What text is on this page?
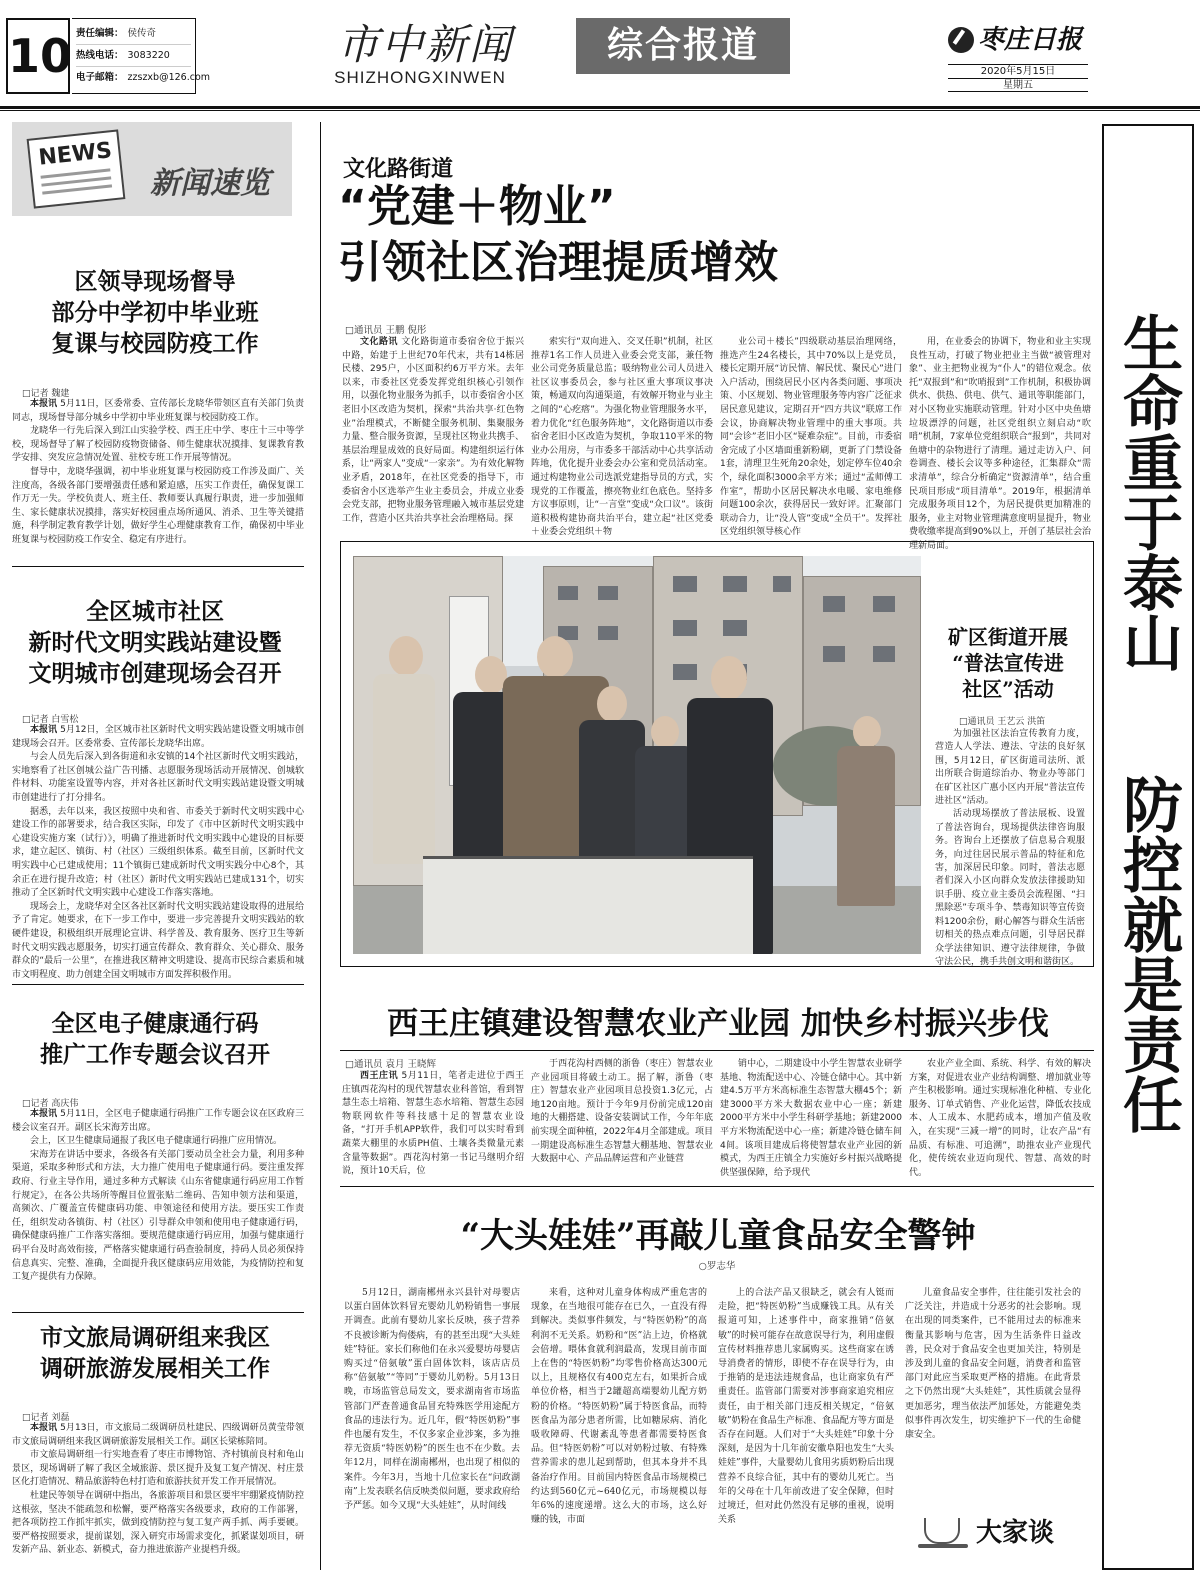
10 责任编辑： 侯传奇
热线电话： 3083220
电子邮箱： zzszxb@126.com
市中新闻
SHIZHONGXINWEN
综合报道	枣庄日报
2020年5月15日
星期五
NEWS
新闻速览
区领导现场督导
部分中学初中毕业班
复课与校园防疫工作
□记者 魏建

本报讯 5月11日，区委常委、宣传部长龙晓华带领区直有关部门负责同志，现场督导部分城乡中学初中毕业班复课与校园防疫工作。

龙晓华一行先后深入到江山实验学校、西王庄中学、枣庄十三中等学校，现场督导了解了校园防疫物资储备、师生健康状况摸排、复课教育教学安排、突发应急情况处置、驻校专班工作开展等情况。

督导中，龙晓华强调，初中毕业班复课与校园防疫工作涉及面广、关注度高，各级各部门要增强责任感和紧迫感，压实工作责任，确保复课工作万无一失。学校负责人、班主任、教师要认真履行职责，进一步加强师生、家长健康状况摸排，落实好校园重点场所通风、消杀、卫生等关键措施，科学制定教育教学计划，做好学生心理健康教育工作，确保初中毕业班复课与校园防疫工作安全、稳定有序进行。

全区城市社区
新时代文明实践站建设暨
文明城市创建现场会召开
□记者 白雪松

本报讯 5月12日，全区城市社区新时代文明实践站建设暨文明城市创建现场会召开。区委常委、宣传部长龙晓华出席。

与会人员先后深入到各街道和永安镇的14个社区新时代文明实践站，实地察看了社区创城公益广告刊播、志愿服务现场活动开展情况、创城软件材料、功能室设置等内容，并对各社区新时代文明实践站建设暨文明城市创建进行了打分排名。

据悉，去年以来，我区按照中央和省、市委关于新时代文明实践中心建设工作的部署要求，结合我区实际，印发了《市中区新时代文明实践中心建设实施方案（试行）》，明确了推进新时代文明实践中心建设的目标要求，建立起区、镇街、村（社区）三级组织体系。截至目前，区新时代文明实践中心已建成使用；11个镇街已建成新时代文明实践分中心8个，其余正在进行提升改造；村（社区）新时代文明实践站已建成131个，切实推动了全区新时代文明实践中心建设工作落实落地。

现场会上，龙晓华对全区各社区新时代文明实践站建设取得的进展给予了肯定。她要求，在下一步工作中，要进一步完善提升文明实践站的软硬件建设，积极组织开展理论宣讲、科学普及、教育服务、医疗卫生等新时代文明实践志愿服务，切实打通宣传群众、教育群众、关心群众、服务群众的“最后一公里”，在推进我区精神文明建设、提高市民综合素质和城市文明程度、助力创建全国文明城市方面发挥积极作用。

全区电子健康通行码
推广工作专题会议召开
□记者 高庆伟

本报讯 5月11日，全区电子健康通行码推广工作专题会议在区政府三楼会议室召开。副区长宋海芳出席。

会上，区卫生健康局通报了我区电子健康通行码推广应用情况。

宋海芳在讲话中要求，各级各有关部门要动员全社会力量，利用多种渠道，采取多种形式和方法，大力推广使用电子健康通行码。要注重发挥政府、行业主导作用，通过多种方式解读《山东省健康通行码应用工作暂行规定》，在各公共场所等醒目位置张贴二维码、告知申领方法和渠道，高频次、广覆盖宣传健康码功能、申领途径和使用方法。要压实工作责任，组织发动各镇街、村（社区）引导群众申领和使用电子健康通行码，确保健康码推广工作落实落细。要规范健康通行码应用，加强与健康通行码平台及时高效衔接，严格落实健康通行码查验制度，持码人员必须保持信息真实、完整、准确，全面提升我区健康码应用效能，为疫情防控和复工复产提供有力保障。

市文旅局调研组来我区
调研旅游发展相关工作
□记者 刘磊

本报讯 5月13日，市文旅局二级调研员杜建民、四级调研员黄莹带领市文旅局调研组来我区调研旅游发展相关工作。副区长梁栋陪同。

市文旅局调研组一行实地查看了枣庄市博物馆、齐村镇前良村和龟山景区，现场调研了解了我区全域旅游、景区提升及复工复产情况、村庄景区化打造情况、精品旅游特色村打造和旅游扶贫开发工作开展情况。

杜建民等领导在调研中指出，各旅游项目和景区要牢牢绷紧疫情防控这根弦，坚决不能疏忽和松懈，要严格落实各级要求，政府的工作部署，把各项防控工作抓牢抓实，做到疫情防控与复工复产两手抓、两手要硬。要严格按照要求，提前谋划，深入研究市场需求变化，抓紧谋划项目，研发新产品、新业态、新模式，奋力推进旅游产业提档升级。

生命重于泰山
防控就是责任
文化路街道
“党建＋物业”
引领社区治理提质增效
□通讯员 王鹏 倪彤

文化路讯 文化路街道市委宿舍位于振兴中路，始建于上世纪70年代末，共有14栋居民楼、295户，小区面积约6万平方米。去年以来，市委社区党委发挥党组织核心引领作用，以强化物业服务为抓手，以市委宿舍小区老旧小区改造为契机，探索“共治共享·红色物业”治理模式，不断健全服务机制、集聚服务力量、整合服务资源，呈现社区物业共携手、基层治理显成效的良好局面。构建组织运行体系，让“两家人”变成“一家亲”。为有效化解物业矛盾，2018年，在社区党委的指导下，市委宿舍小区选举产生业主委员会，并成立业委会党支部，把物业服务管理融入城市基层党建工作，营造小区共治共享社会治理格局。探

索实行“双向进入、交叉任职”机制，社区推荐1名工作人员进入业委会党支部，兼任物业公司党务质量总监；吸纳物业公司人员进入社区议事委员会，参与社区重大事项议事决策，畅通双向沟通渠道，有效解开物业与业主之间的“心疙瘩”。为强化物业管理服务水平，着力优化“红色服务阵地”，文化路街道以市委宿舍老旧小区改造为契机，争取110平米的物业办公用房，与市委多干部活动中心共享活动阵地，优化提升业委会办公室和党员活动室。通过构建物业公司选派党建指导员的方式，实现党的工作覆盖，擦亮物业红色底色。坚持多方议事原则，让“一言堂”变成“众口议”。该街道积极构建协商共治平台，建立起“社区党委＋业委会党组织＋物

业公司＋楼长”四级联动基层治理网络，推选产生24名楼长，其中70%以上是党员，楼长定期开展“访民情、解民忧、聚民心”进门入户活动，围绕居民小区内各类问题、事项决策、小区规划、物业管理服务等内容广泛征求居民意见建议，定期召开“四方共议”联席工作会议，协商解决物业管理中的重大事项。共同“会诊”老旧小区“疑难杂症”。目前，市委宿舍完成了小区墙面重新粉刷，更新了门禁设备1套，清理卫生死角20余处，划定停车位40余个，绿化面积3000余平方米；通过“孟师傅工作室”，帮助小区居民解决水电暖、家电维修问题100余次，获得居民一致好评。汇聚部门联动合力，让“没人管”变成“全员干”。发挥社区党组织领导核心作

用，在业委会的协调下，物业和业主实现良性互动，打破了物业把业主当做“被管理对象”、业主把物业视为“仆人”的错位观念。依托“双报到”和“吹哨报到”工作机制，积极协调供水、供热、供电、供气、通讯等职能部门，对小区物业实施联动管理。针对小区中央鱼塘垃圾漂浮的问题，社区党组织立刻启动“吹哨”机制，7家单位党组织联合“报到”，共同对鱼塘中的杂物进行了清理。通过走访入户、问卷调查、楼长会议等多种途径，汇集群众“需求清单”，综合分析确定“资源清单”，结合重民项目形成“项目清单”。2019年，根据清单完成服务项目12个，为居民提供更加精准的服务，业主对物业管理满意度明显提升，物业费收缴率提高到90%以上，开创了基层社会治理新局面。

矿区街道开展
“普法宣传进
社区”活动
□通讯员 王艺云 洪笛

为加强社区法治宣传教育力度，营造人人学法、遵法、守法的良好氛围，5月12日，矿区街道司法所、派出所联合街道综治办、物业办等部门在矿区社区广惠小区内开展“普法宣传进社区”活动。

活动现场摆放了普法展板、设置了普法咨询台，现场提供法律咨询服务。咨询台上还摆放了信息易合观服务，向过往居民展示普品的特征和危害，加深居民印象。同时，普法志愿者们深入小区向群众发放法律援助知识手册、疫立业主委员会流程图、“扫黑除恶”专项斗争、禁毒知识等宣传资料1200余份，耐心解答与群众生活密切相关的热点难点问题，引导居民群众学法律知识、遵守法律规律，争做守法公民，携手共创文明和谐街区。

西王庄镇建设智慧农业产业园 加快乡村振兴步伐
□通讯员 袁月 王晓辉

西王庄讯 5月11日，笔者走进位于西王庄镇西花沟村的现代智慧农业科普馆，看到智慧生态土培箱、智慧生态水培箱、智慧生态园物联网软件等科技感十足的智慧农业设备，“打开手机APP软件，我们可以实时看到蔬菜大棚里的水质PH值、土壤各类微量元素含量等数据”。西花沟村第一书记马继明介绍说，预计10天后，位

于西花沟村西侧的浙鲁（枣庄）智慧农业产业园项目将破土动工。据了解，浙鲁（枣庄）智慧农业产业园项目总投资1.3亿元，占地120亩地。预计于今年9月份前完成120亩地的大棚搭建、设备安装调试工作，今年年底前实现全面种植，2022年4月全部建成。项目一期建设高标准生态智慧大棚基地、智慧农业大数据中心、产品品牌运营和产业链营

销中心，二期建设中小学生智慧农业研学基地、物流配送中心、冷链仓储中心。其中新建4.5万平方米高标准生态智慧大棚45个；新建3000平方米大数据农业中心一座；新建2000平方米中小学生科研学基地；新建2000平方米物流配送中心一座；新建冷链仓储车间4间。该项目建成后将使智慧农业产业园的新模式，为西王庄镇全力实施好乡村振兴战略提供坚强保障，给予现代

农业产业全面、系统、科学、有效的解决方案，对促进农业产业结构调整、增加就业等产生积极影响。通过实现标准化种植、专业化服务、订单式销售、产业化运营，降低农技成本、人工成本、水肥药成本，增加产值及收入，在实现“三减一增”的同时，让农产品“有品质、有标准、可追溯”，助推农业产业现代化，使传统农业迈向现代、智慧、高效的时代。

“大头娃娃”再敲儿童食品安全警钟
○罗志华

5月12日，湖南郴州永兴县针对母婴店以蛋白固体饮料冒充婴幼儿奶粉销售一事展开调查。此前有婴幼儿家长反映，孩子营养不良被诊断为佝偻病，有的甚至出现“大头娃娃”特征。家长们称他们在永兴爱婴坊母婴店购买过“倍氨敏”蛋白固体饮料，该店店员称“倍氨敏”“等同”于婴幼儿奶粉。5月13日晚，市场监管总局发文，要求湖南省市场监管部门严查普通食品冒充特殊医学用途配方食品的违法行为。近几年，假“特医奶粉”事件也屡有发生，不仅多家企业涉案，多为推荐无资质“特医奶粉”的医生也不在少数。去年12月，同样在湖南郴州，也出现了相似的案件。今年3月，当地十几位家长在“问政湖南”上发表联名信反映类似问题，要求政府给予严惩。如今又现“大头娃娃”，从时间线

来看，这种对儿童身体构成严重危害的现象，在当地很可能存在已久，一直没有得到解决。类似事件频发，与“特医奶粉”的高利润不无关系。奶粉和“医”沾上边，价格就会倍增。喂体食就利润最高，发现目前市面上在售的“特医奶粉”均零售价格高达300元以上，且规格仅有400克左右，如果折合成单位价格，相当于2罐超高端婴幼儿配方奶粉的价格。“特医奶粉”属于特医食品，而特医食品为部分患者所需，比如糖尿病、消化吸收障碍、代谢紊乱等患者都需要特医食品。但“特医奶粉”可以对奶粉过敏、有特殊营养需求的患儿起到帮助，但其本身并不具备治疗作用。目前国内特医食品市场规模已约达到560亿元~640亿元，市场规模以每年6%的速度递增。这么大的市场，这么好赚的钱，市面

上的合法产品又很缺乏，就会有人铤而走险，把“特医奶粉”当成赚钱工具。从有关报道可知，上述事件中，商家推销“倍氨敏”的时候可能存在故意误导行为，利用虚假宣传材料推荐患儿家属购买。这些商家在诱导消费者的情形，即使不存在误导行为，由于推销的是违法违规食品，也让商家负有严重责任。监管部门需要对涉事商家追究相应责任，由于相关部门违反相关规定，“倍氨敏”奶粉在食品生产标准、食品配方等方面是否存在问题。人们对于“大头娃娃”印象十分深刻，是因为十几年前安徽阜阳也发生“大头娃娃”事件，大量婴幼儿食用劣质奶粉后出现营养不良综合征，其中有的婴幼儿死亡。当年的父母在十几年前改进了安全保障，但时过境迁，但对此仍然没有足够的重视，说明关系

儿童食品安全事件，往往能引发社会的广泛关注，并造成十分恶劣的社会影响。现在出现的同类案件，已不能用过去的标准来衡量其影响与危害，因为生活条件日益改善，民众对于食品安全也更加关注，特别是涉及到儿童的食品安全问题，消费者和监管部门对此应当采取更严格的措施。在此背景之下仍然出现“大头娃娃”，其性质就会显得更加恶劣，理当依法严加惩处，方能避免类似事件再次发生，切实维护下一代的生命健康安全。

大家谈
